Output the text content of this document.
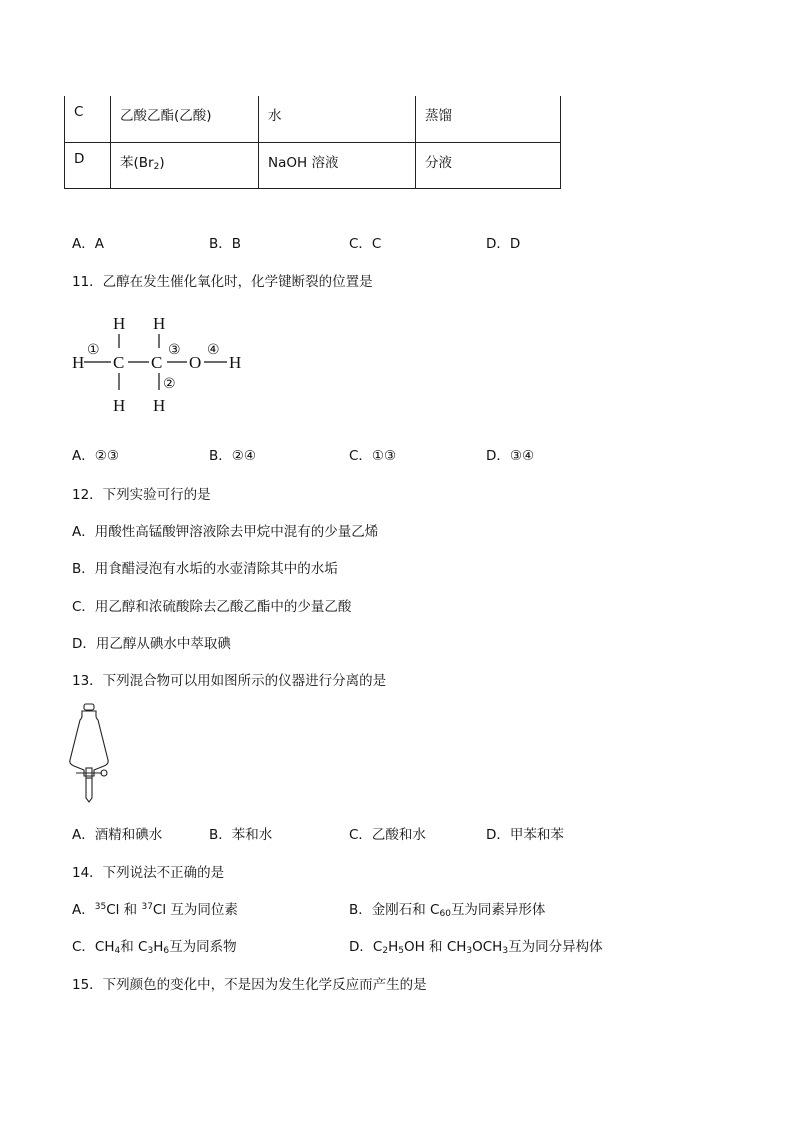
C	乙酸乙酯(乙酸)	水	蒸馏
D	苯$(Br_2)$	NaOH 溶液	分液
A．A	B．B	C．C	D．D
11．乙醇在发生催化氧化时，化学键断裂的位置是
H H
H C C O H
H H
①	③ ④
②
A．②③	B．②④	C．①③	D．③④
12．下列实验可行的是
A．用酸性高锰酸钾溶液除去甲烷中混有的少量乙烯
B．用食醋浸泡有水垢的水壶清除其中的水垢
C．用乙醇和浓硫酸除去乙酸乙酯中的少量乙酸
D．用乙醇从碘水中萃取碘
13．下列混合物可以用如图所示的仪器进行分离的是
A．酒精和碘水	B．苯和水	C．乙酸和水	D．甲苯和苯
14．下列说法不正确的是
A．$^{35}$Cl 和 $^{37}$Cl 互为同位素	B．金刚石和 $C_{60}$互为同素异形体
C．$CH_4$和 $C_3H_6$互为同系物	D．$C_2H_5OH$ 和 $CH_3OCH_3$互为同分异构体
15．下列颜色的变化中，不是因为发生化学反应而产生的是
